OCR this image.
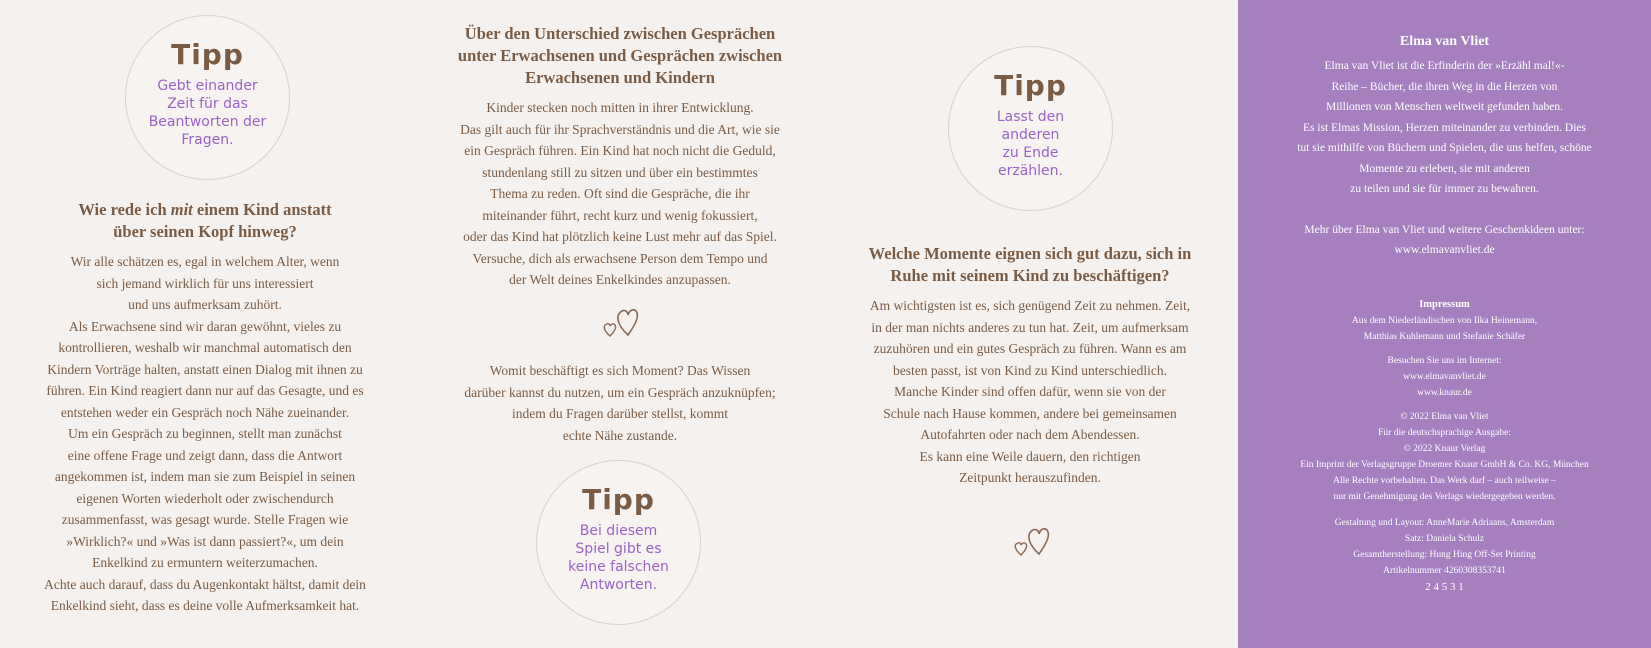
Tipp
Gebt einander
Zeit für das
Beantworten der
Fragen.
Wie rede ich mit einem Kind anstatt
über seinen Kopf hinweg?
Wir alle schätzen es, egal in welchem Alter, wenn
sich jemand wirklich für uns interessiert
und uns aufmerksam zuhört.
Als Erwachsene sind wir daran gewöhnt, vieles zu
kontrollieren, weshalb wir manchmal automatisch den
Kindern Vorträge halten, anstatt einen Dialog mit ihnen zu
führen. Ein Kind reagiert dann nur auf das Gesagte, und es
entstehen weder ein Gespräch noch Nähe zueinander.
Um ein Gespräch zu beginnen, stellt man zunächst
eine offene Frage und zeigt dann, dass die Antwort
angekommen ist, indem man sie zum Beispiel in seinen
eigenen Worten wiederholt oder zwischendurch
zusammenfasst, was gesagt wurde. Stelle Fragen wie
»Wirklich?« und »Was ist dann passiert?«, um dein
Enkelkind zu ermuntern weiterzumachen.
Achte auch darauf, dass du Augenkontakt hältst, damit dein
Enkelkind sieht, dass es deine volle Aufmerksamkeit hat.
Über den Unterschied zwischen Gesprächen
unter Erwachsenen und Gesprächen zwischen
Erwachsenen und Kindern
Kinder stecken noch mitten in ihrer Entwicklung.
Das gilt auch für ihr Sprachverständnis und die Art, wie sie
ein Gespräch führen. Ein Kind hat noch nicht die Geduld,
stundenlang still zu sitzen und über ein bestimmtes
Thema zu reden. Oft sind die Gespräche, die ihr
miteinander führt, recht kurz und wenig fokussiert,
oder das Kind hat plötzlich keine Lust mehr auf das Spiel.
Versuche, dich als erwachsene Person dem Tempo und
der Welt deines Enkelkindes anzupassen.
Womit beschäftigt es sich Moment? Das Wissen
darüber kannst du nutzen, um ein Gespräch anzuknüpfen;
indem du Fragen darüber stellst, kommt
echte Nähe zustande.
Tipp
Bei diesem
Spiel gibt es
keine falschen
Antworten.
Tipp
Lasst den
anderen
zu Ende
erzählen.
Welche Momente eignen sich gut dazu, sich in
Ruhe mit seinem Kind zu beschäftigen?
Am wichtigsten ist es, sich genügend Zeit zu nehmen. Zeit,
in der man nichts anderes zu tun hat. Zeit, um aufmerksam
zuzuhören und ein gutes Gespräch zu führen. Wann es am
besten passt, ist von Kind zu Kind unterschiedlich.
Manche Kinder sind offen dafür, wenn sie von der
Schule nach Hause kommen, andere bei gemeinsamen
Autofahrten oder nach dem Abendessen.
Es kann eine Weile dauern, den richtigen
Zeitpunkt herauszufinden.
Elma van Vliet
Elma van Vliet ist die Erfinderin der »Erzähl mal!«-
Reihe – Bücher, die ihren Weg in die Herzen von
Millionen von Menschen weltweit gefunden haben.
Es ist Elmas Mission, Herzen miteinander zu verbinden. Dies
tut sie mithilfe von Büchern und Spielen, die uns helfen, schöne
Momente zu erleben, sie mit anderen
zu teilen und sie für immer zu bewahren.
Mehr über Elma van Vliet und weitere Geschenkideen unter:
www.elmavanvliet.de
Impressum
Aus dem Niederländischen von Ilka Heinemann,
Matthias Kuhlemann und Stefanie Schäfer
Besuchen Sie uns im Internet:
www.elmavanvliet.de
www.knaur.de
© 2022 Elma van Vliet
Für die deutschsprachige Ausgabe:
© 2022 Knaur Verlag
Ein Imprint der Verlagsgruppe Droemer Knaur GmbH & Co. KG, München
Alle Rechte vorbehalten. Das Werk darf – auch teilweise –
nur mit Genehmigung des Verlags wiedergegeben werden.
Gestaltung und Layout: AnneMarie Adriaans, Amsterdam
Satz: Daniela Schulz
Gesamtherstellung: Hung Hing Off-Set Printing
Artikelnummer 4260308353741
2 4 5 3 1
